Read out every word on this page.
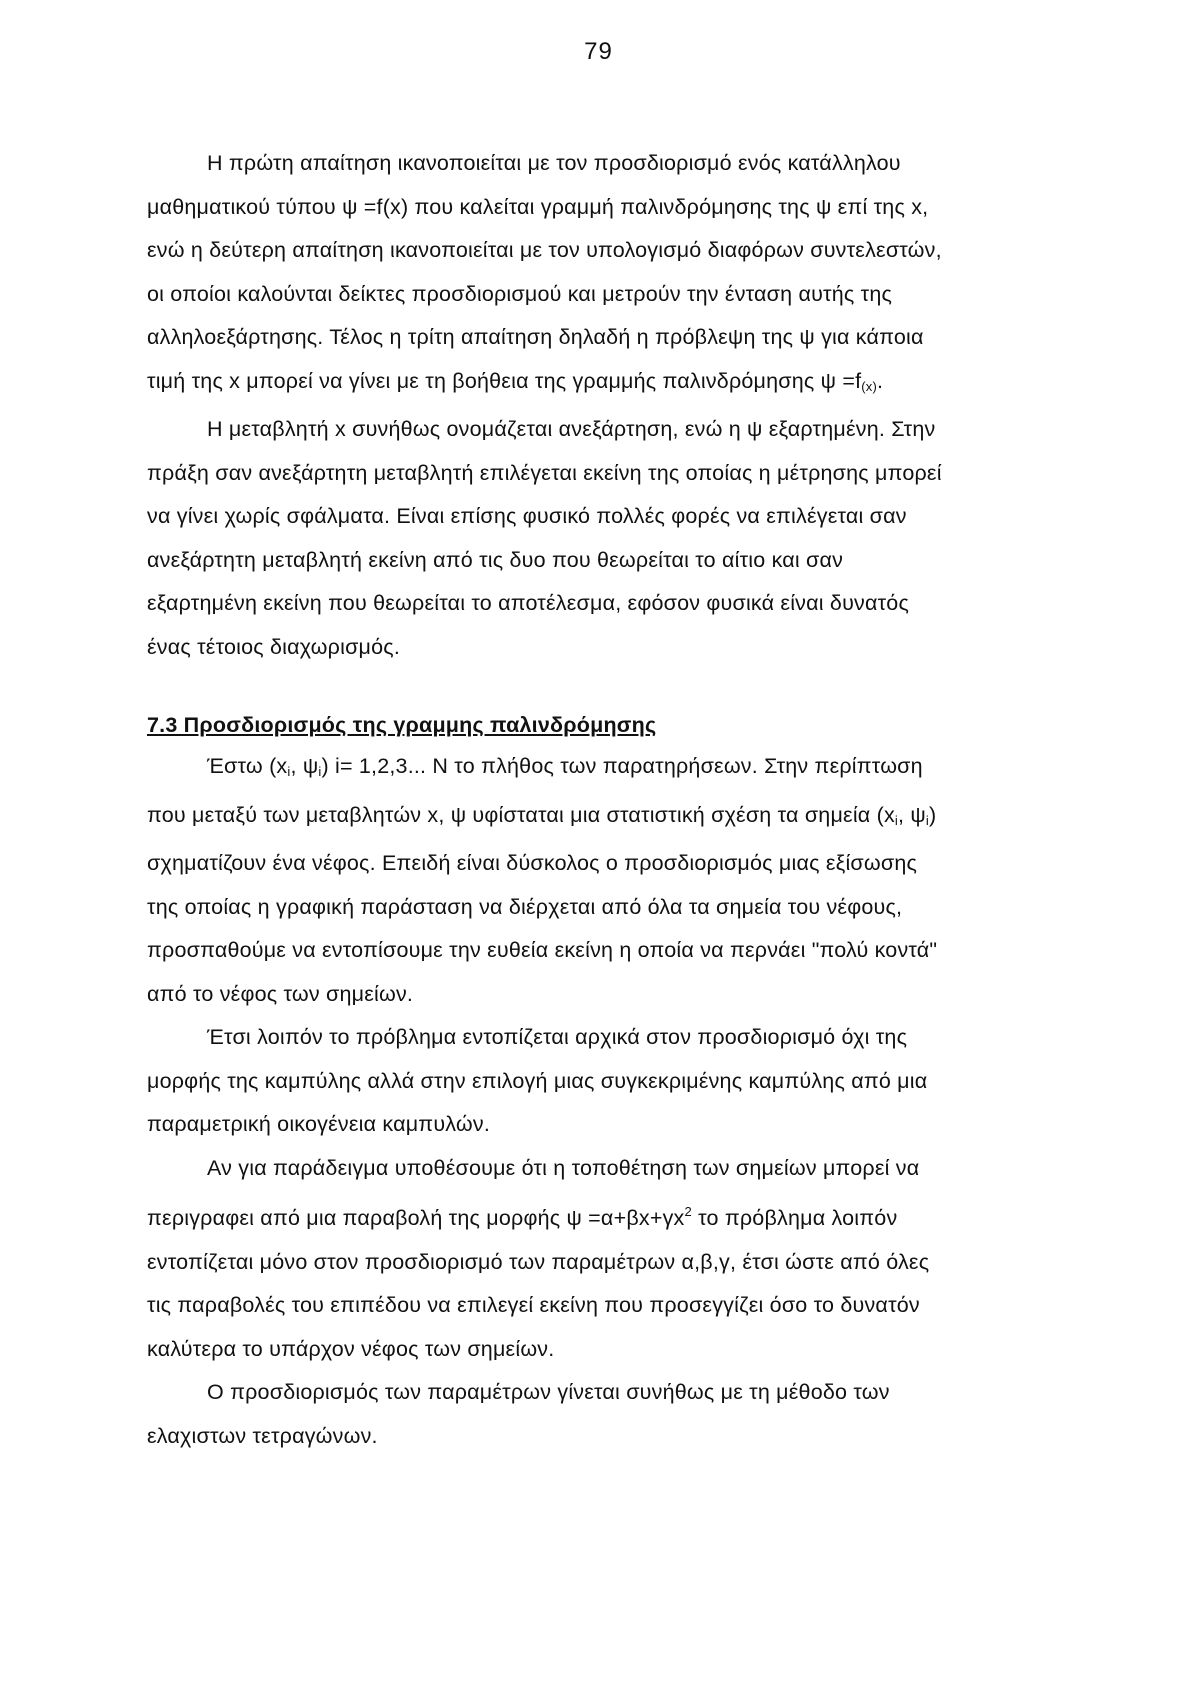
79
Η πρώτη απαίτηση ικανοποιείται με τον προσδιορισμό ενός κατάλληλου
μαθηματικού τύπου ψ =f(x) που καλείται γραμμή παλινδρόμησης της ψ επί της x,
ενώ η δεύτερη απαίτηση ικανοποιείται με τον υπολογισμό διαφόρων συντελεστών,
οι οποίοι καλούνται δείκτες προσδιορισμού και μετρούν την ένταση αυτής της
αλληλοεξάρτησης. Τέλος η τρίτη απαίτηση δηλαδή η πρόβλεψη της ψ για κάποια
τιμή της x μπορεί να γίνει με τη βοήθεια της γραμμής παλινδρόμησης $\psi =f_{(x)}$.
Η μεταβλητή x συνήθως ονομάζεται ανεξάρτηση, ενώ η ψ εξαρτημένη. Στην
πράξη σαν ανεξάρτητη μεταβλητή επιλέγεται εκείνη της οποίας η μέτρησης μπορεί
να γίνει χωρίς σφάλματα. Είναι επίσης φυσικό πολλές φορές να επιλέγεται σαν
ανεξάρτητη μεταβλητή εκείνη από τις δυο που θεωρείται το αίτιο και σαν
εξαρτημένη εκείνη που θεωρείται το αποτέλεσμα, εφόσον φυσικά είναι δυνατός
ένας τέτοιος διαχωρισμός.
7.3 Προσδιορισμός της γραμμης παλινδρόμησης
Έστω ($x_i$, $\psi_i$) i= 1,2,3... N το πλήθος των παρατηρήσεων. Στην περίπτωση
που μεταξύ των μεταβλητών x, ψ υφίσταται μια στατιστική σχέση τα σημεία ($x_i$, $\psi_i$)
σχηματίζουν ένα νέφος. Επειδή είναι δύσκολος ο προσδιορισμός μιας εξίσωσης
της οποίας η γραφική παράσταση να διέρχεται από όλα τα σημεία του νέφους,
προσπαθούμε να εντοπίσουμε την ευθεία εκείνη η οποία να περνάει "πολύ κοντά"
από το νέφος των σημείων.
Έτσι λοιπόν το πρόβλημα εντοπίζεται αρχικά στον προσδιορισμό όχι της
μορφής της καμπύλης αλλά στην επιλογή μιας συγκεκριμένης καμπύλης από μια
παραμετρική οικογένεια καμπυλών.
Αν για παράδειγμα υποθέσουμε ότι η τοποθέτηση των σημείων μπορεί να
περιγραφει από μια παραβολή της μορφής $\psi =\alpha+\beta x+\gamma x^2$ το πρόβλημα λοιπόν
εντοπίζεται μόνο στον προσδιορισμό των παραμέτρων α,β,γ, έτσι ώστε από όλες
τις παραβολές του επιπέδου να επιλεγεί εκείνη που προσεγγίζει όσο το δυνατόν
καλύτερα το υπάρχον νέφος των σημείων.
Ο προσδιορισμός των παραμέτρων γίνεται συνήθως με τη μέθοδο των
ελαχιστων τετραγώνων.
